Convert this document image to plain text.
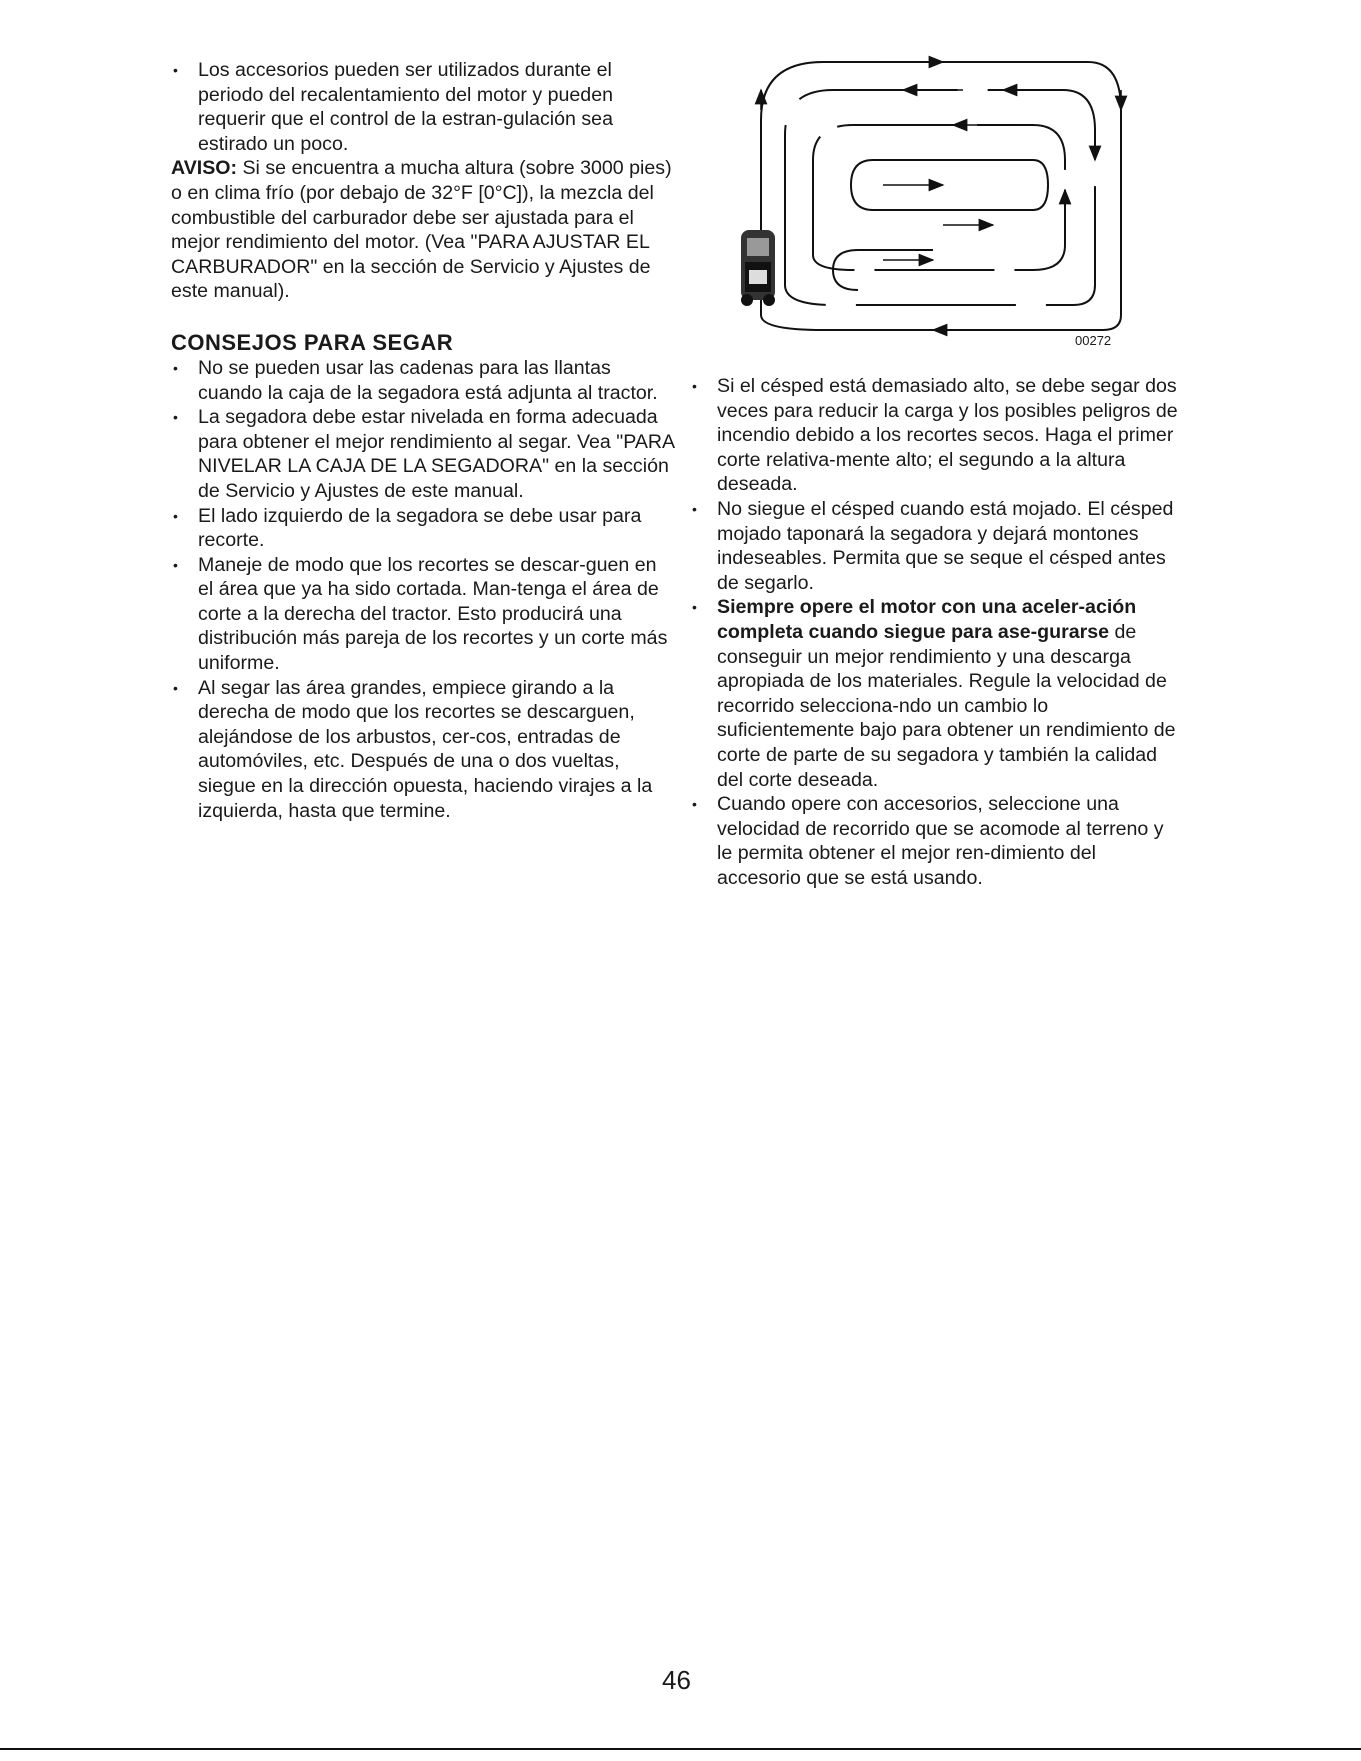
• Los accesorios pueden ser utilizados durante el periodo del recalentamiento del motor y pueden requerir que el control de la estran-gulación sea estirado un poco.

AVISO: Si se encuentra a mucha altura (sobre 3000 pies) o en clima frío (por debajo de 32°F [0°C]), la mezcla del combustible del carburador debe ser ajustada para el mejor rendimiento del motor. (Vea "PARA AJUSTAR EL CARBURADOR" en la sección de Servicio y Ajustes de este manual).

CONSEJOS PARA SEGAR
• No se pueden usar las cadenas para las llantas cuando la caja de la segadora está adjunta al tractor.
• La segadora debe estar nivelada en forma adecuada para obtener el mejor rendimiento al segar. Vea "PARA NIVELAR LA CAJA DE LA SEGADORA" en la sección de Servicio y Ajustes de este manual.
• El lado izquierdo de la segadora se debe usar para recorte.
• Maneje de modo que los recortes se descar-guen en el área que ya ha sido cortada. Man-tenga el área de corte a la derecha del tractor. Esto producirá una distribución más pareja de los recortes y un corte más uniforme.
• Al segar las área grandes, empiece girando a la derecha de modo que los recortes se descarguen, alejándose de los arbustos, cer-cos, entradas de automóviles, etc. Después de una o dos vueltas, siegue en la dirección opuesta, haciendo virajes a la izquierda, hasta que termine.
00272
• Si el césped está demasiado alto, se debe segar dos veces para reducir la carga y los posibles peligros de incendio debido a los recortes secos. Haga el primer corte relativa-mente alto; el segundo a la altura deseada.
• No siegue el césped cuando está mojado. El césped mojado taponará la segadora y dejará montones indeseables. Permita que se seque el césped antes de segarlo.
• Siempre opere el motor con una aceler-ación completa cuando siegue para ase-gurarse de conseguir un mejor rendimiento y una descarga apropiada de los materiales. Regule la velocidad de recorrido selecciona-ndo un cambio lo suficientemente bajo para obtener un rendimiento de corte de parte de su segadora y también la calidad del corte deseada.
• Cuando opere con accesorios, seleccione una velocidad de recorrido que se acomode al terreno y le permita obtener el mejor ren-dimiento del accesorio que se está usando.
46
